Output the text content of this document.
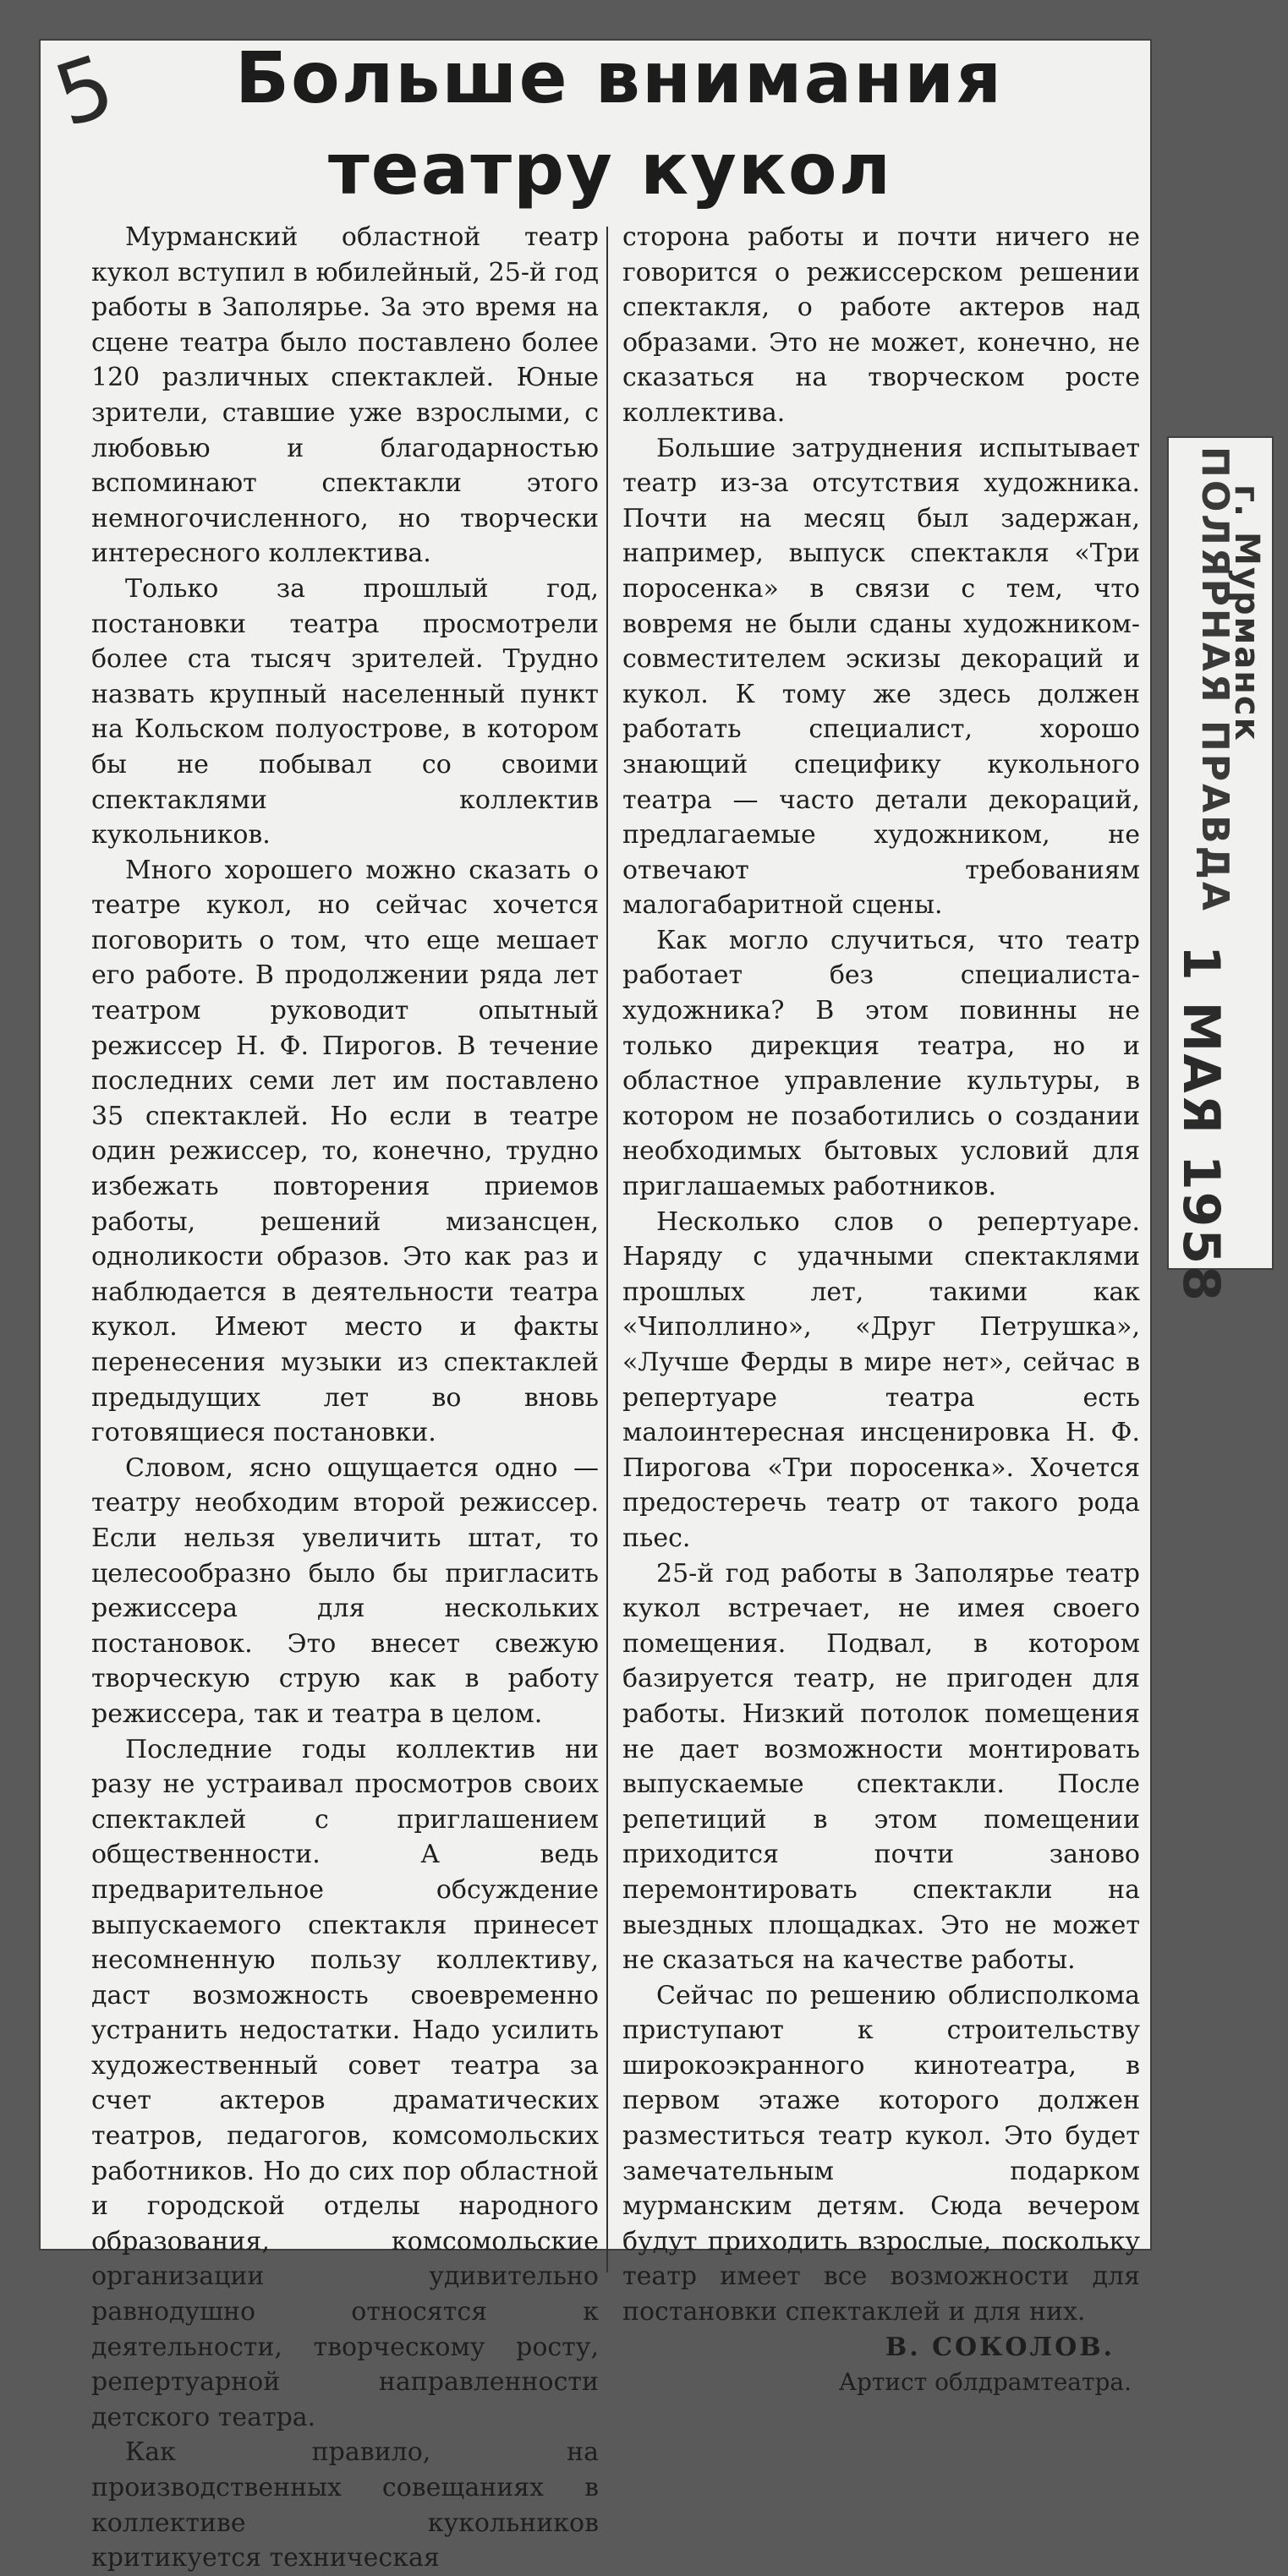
5 Больше внимания
театру кукол

Мурманский областной театр кукол вступил в юбилейный, 25-й год работы в Заполярье. За это время на сцене театра было поставлено более 120 различных спектаклей. Юные зрители, ставшие уже взрослыми, с любовью и благодарностью вспоминают спектакли этого немногочисленного, но творчески интересного коллектива.

Только за прошлый год, постановки театра просмотрели более ста тысяч зрителей. Трудно назвать крупный населенный пункт на Кольском полуострове, в котором бы не побывал со своими спектаклями коллектив кукольников.

Много хорошего можно сказать о театре кукол, но сейчас хочется поговорить о том, что еще мешает его работе. В продолжении ряда лет театром руководит опытный режиссер Н. Ф. Пирогов. В течение последних семи лет им поставлено 35 спектаклей. Но если в театре один режиссер, то, конечно, трудно избежать повторения приемов работы, решений мизансцен, одноликости образов. Это как раз и наблюдается в деятельности театра кукол. Имеют место и факты перенесения музыки из спектаклей предыдущих лет во вновь готовящиеся постановки.

Словом, ясно ощущается одно — театру необходим второй режиссер. Если нельзя увеличить штат, то целесообразно было бы пригласить режиссера для нескольких постановок. Это внесет свежую творческую струю как в работу режиссера, так и театра в целом.

Последние годы коллектив ни разу не устраивал просмотров своих спектаклей с приглашением общественности. А ведь предварительное обсуждение выпускаемого спектакля принесет несомненную пользу коллективу, даст возможность своевременно устранить недостатки. Надо усилить художественный совет театра за счет актеров драматических театров, педагогов, комсомольских работников. Но до сих пор областной и городской отделы народного образования, комсомольские организации удивительно равнодушно относятся к деятельности, творческому росту, репертуарной направленности детского театра.

Как правило, на производственных совещаниях в коллективе кукольников критикуется техническая

сторона работы и почти ничего не говорится о режиссерском решении спектакля, о работе актеров над образами. Это не может, конечно, не сказаться на творческом росте коллектива.

Большие затруднения испытывает театр из-за отсутствия художника. Почти на месяц был задержан, например, выпуск спектакля «Три поросенка» в связи с тем, что вовремя не были сданы художником-совместителем эскизы декораций и кукол. К тому же здесь должен работать специалист, хорошо знающий специфику кукольного театра — часто детали декораций, предлагаемые художником, не отвечают требованиям малогабаритной сцены.

Как могло случиться, что театр работает без специалиста-художника? В этом повинны не только дирекция театра, но и областное управление культуры, в котором не позаботились о создании необходимых бытовых условий для приглашаемых работников.

Несколько слов о репертуаре. Наряду с удачными спектаклями прошлых лет, такими как «Чиполлино», «Друг Петрушка», «Лучше Ферды в мире нет», сейчас в репертуаре театра есть малоинтересная инсценировка Н. Ф. Пирогова «Три поросенка». Хочется предостеречь театр от такого рода пьес.

25-й год работы в Заполярье театр кукол встречает, не имея своего помещения. Подвал, в котором базируется театр, не пригоден для работы. Низкий потолок помещения не дает возможности монтировать выпускаемые спектакли. После репетиций в этом помещении приходится почти заново перемонтировать спектакли на выездных площадках. Это не может не сказаться на качестве работы.

Сейчас по решению облисполкома приступают к строительству широкоэкранного кинотеатра, в первом этаже которого должен разместиться театр кукол. Это будет замечательным подарком мурманским детям. Сюда вечером будут приходить взрослые, поскольку театр имеет все возможности для постановки спектаклей и для них.

В. СОКОЛОВ.

Артист облдрамтеатра.

ПОЛЯРНАЯ ПРАВДА
г. Мурманск
1 МАЯ 1958
